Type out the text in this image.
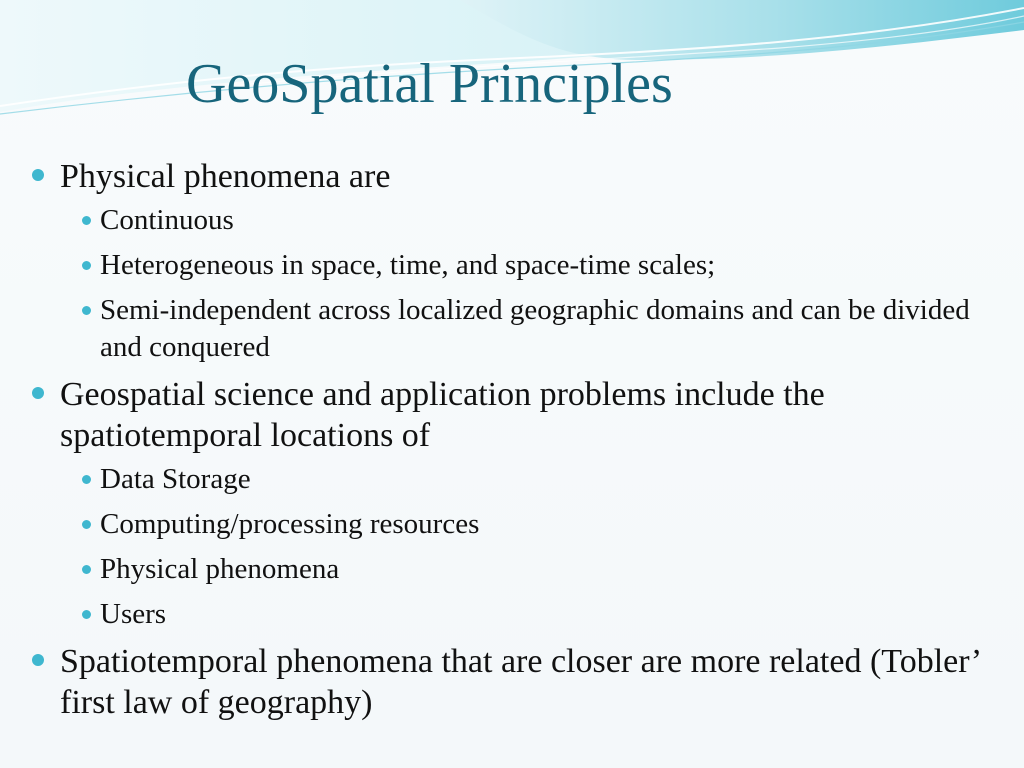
GeoSpatial Principles
Physical phenomena are
Continuous
Heterogeneous in space, time, and space-time scales;
Semi-independent across localized geographic domains and can be divided and conquered
Geospatial science and application problems include the spatiotemporal locations of
Data Storage
Computing/processing resources
Physical phenomena
Users
Spatiotemporal phenomena that are closer are more related (Tobler’ first law of geography)
